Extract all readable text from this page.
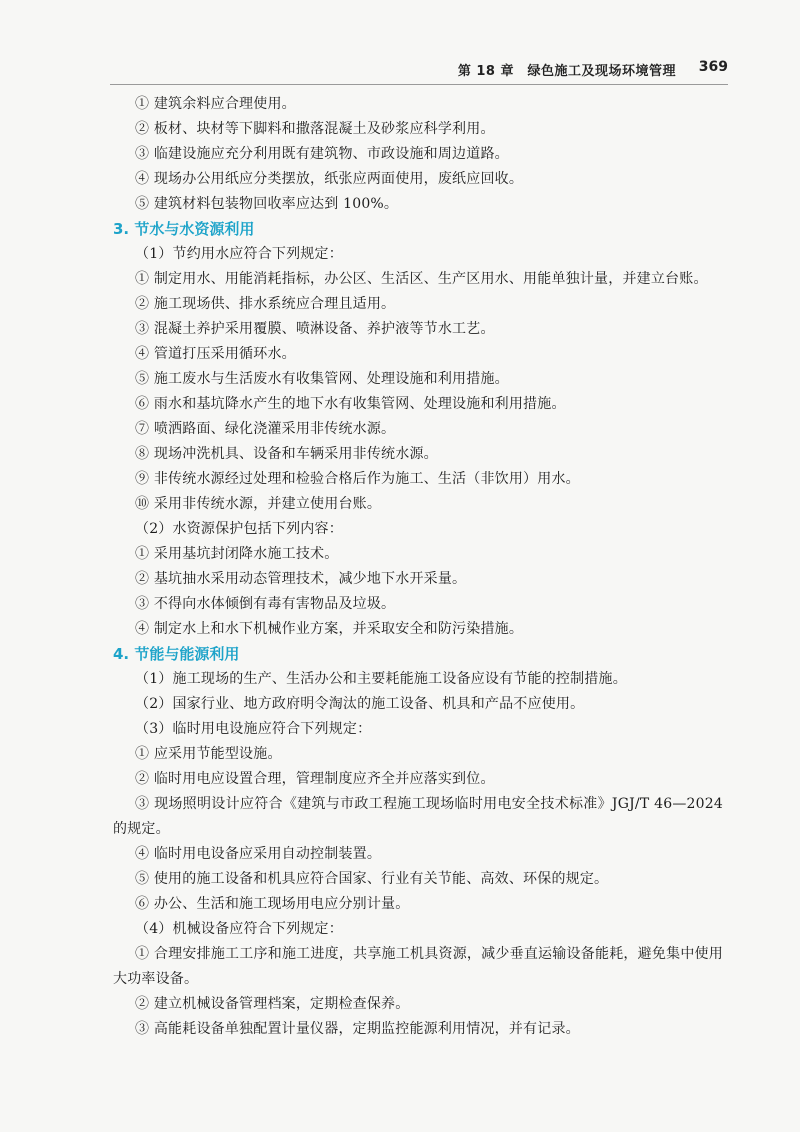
第 18 章　绿色施工及现场环境管理 369

① 建筑余料应合理使用。

② 板材、块材等下脚料和撒落混凝土及砂浆应科学利用。

③ 临建设施应充分利用既有建筑物、市政设施和周边道路。

④ 现场办公用纸应分类摆放，纸张应两面使用，废纸应回收。

⑤ 建筑材料包装物回收率应达到 100%。

3. 节水与水资源利用

（1）节约用水应符合下列规定：

① 制定用水、用能消耗指标，办公区、生活区、生产区用水、用能单独计量，并建立台账。

② 施工现场供、排水系统应合理且适用。

③ 混凝土养护采用覆膜、喷淋设备、养护液等节水工艺。

④ 管道打压采用循环水。

⑤ 施工废水与生活废水有收集管网、处理设施和利用措施。

⑥ 雨水和基坑降水产生的地下水有收集管网、处理设施和利用措施。

⑦ 喷洒路面、绿化浇灌采用非传统水源。

⑧ 现场冲洗机具、设备和车辆采用非传统水源。

⑨ 非传统水源经过处理和检验合格后作为施工、生活（非饮用）用水。

⑩ 采用非传统水源，并建立使用台账。

（2）水资源保护包括下列内容：

① 采用基坑封闭降水施工技术。

② 基坑抽水采用动态管理技术，减少地下水开采量。

③ 不得向水体倾倒有毒有害物品及垃圾。

④ 制定水上和水下机械作业方案，并采取安全和防污染措施。

4. 节能与能源利用

（1）施工现场的生产、生活办公和主要耗能施工设备应设有节能的控制措施。

（2）国家行业、地方政府明令淘汰的施工设备、机具和产品不应使用。

（3）临时用电设施应符合下列规定：

① 应采用节能型设施。

② 临时用电应设置合理，管理制度应齐全并应落实到位。

③ 现场照明设计应符合《建筑与市政工程施工现场临时用电安全技术标准》JGJ/T 46—2024 的规定。

④ 临时用电设备应采用自动控制装置。

⑤ 使用的施工设备和机具应符合国家、行业有关节能、高效、环保的规定。

⑥ 办公、生活和施工现场用电应分别计量。

（4）机械设备应符合下列规定：

① 合理安排施工工序和施工进度，共享施工机具资源，减少垂直运输设备能耗，避免集中使用大功率设备。

② 建立机械设备管理档案，定期检查保养。

③ 高能耗设备单独配置计量仪器，定期监控能源利用情况，并有记录。
